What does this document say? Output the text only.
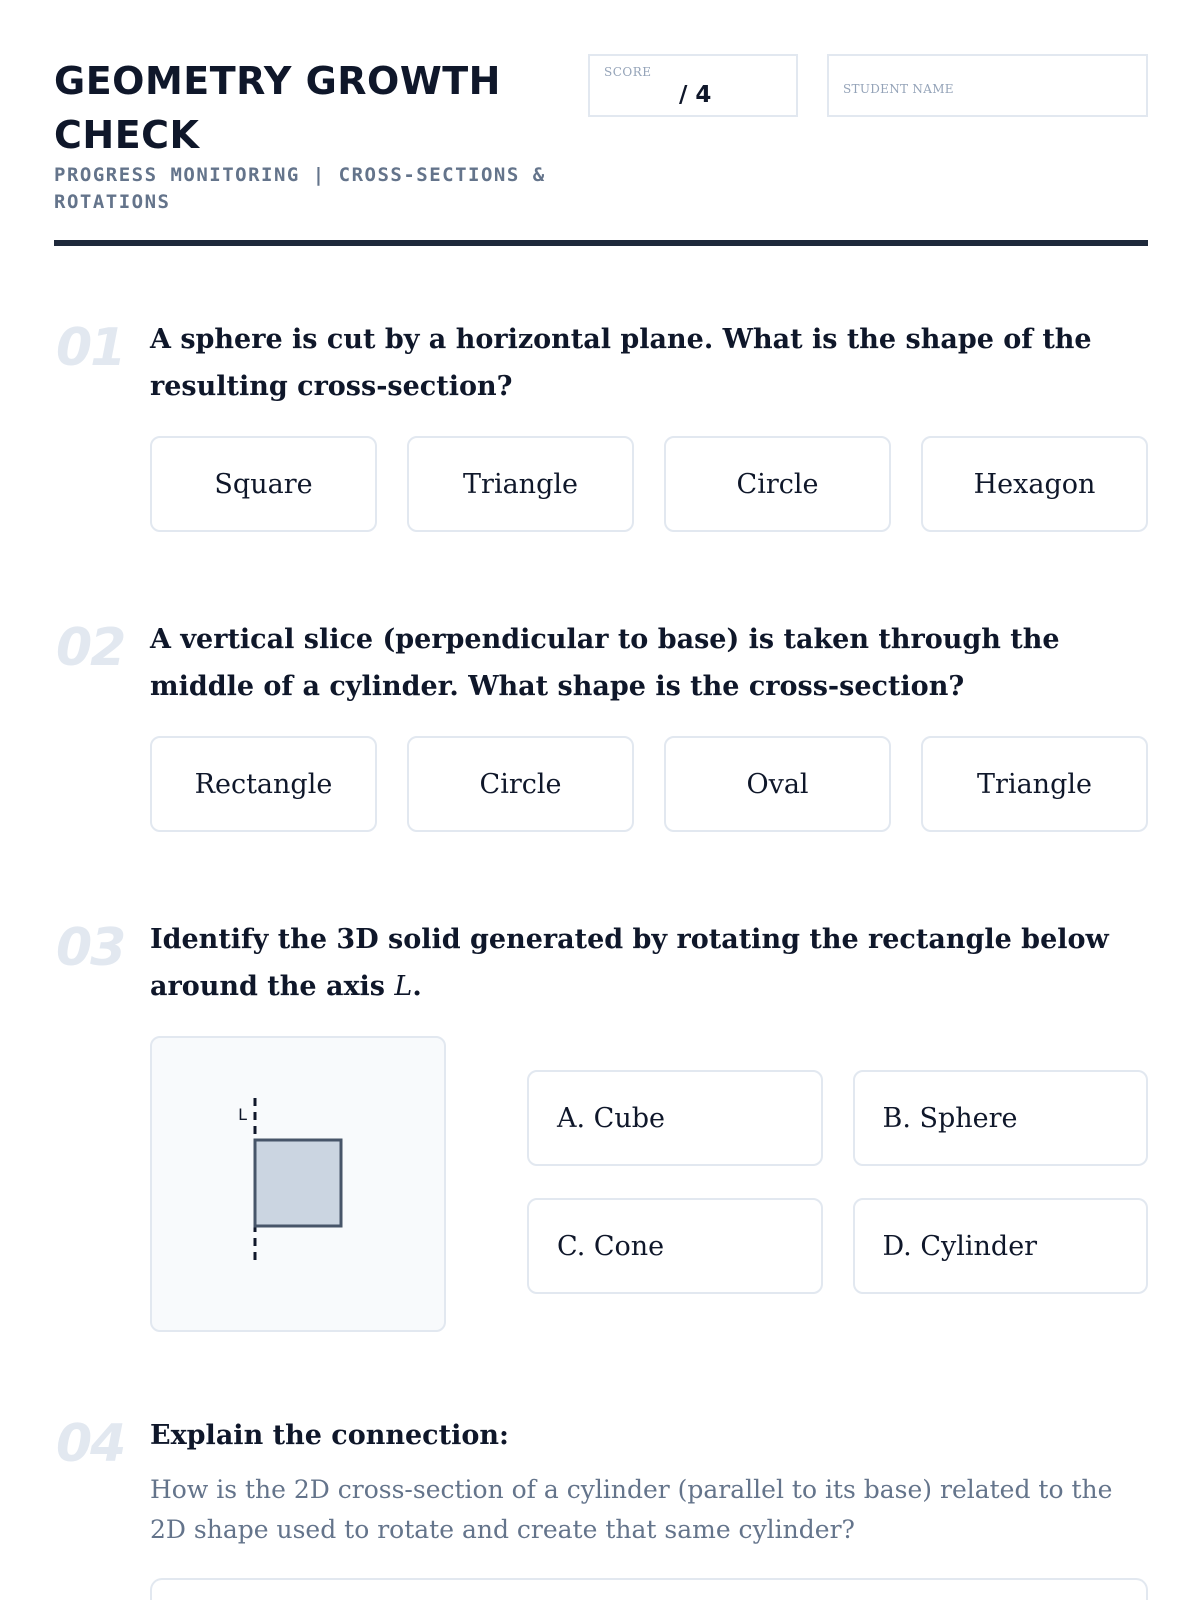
GEOMETRY GROWTH CHECK

PROGRESS MONITORING | CROSS-SECTIONS & ROTATIONS

SCORE
/ 4	STUDENT NAME
01 A sphere is cut by a horizontal plane. What is the shape of the resulting cross-section?

Square	Triangle	Circle	Hexagon
02 A vertical slice (perpendicular to base) is taken through the middle of a cylinder. What shape is the cross-section?

Rectangle	Circle	Oval	Triangle
03 Identify the 3D solid generated by rotating the rectangle below around the axis L.

L	A. Cube	B. Sphere
C. Cone	D. Cylinder
04 Explain the connection:

How is the 2D cross-section of a cylinder (parallel to its base) related to the 2D shape used to rotate and create that same cylinder?
